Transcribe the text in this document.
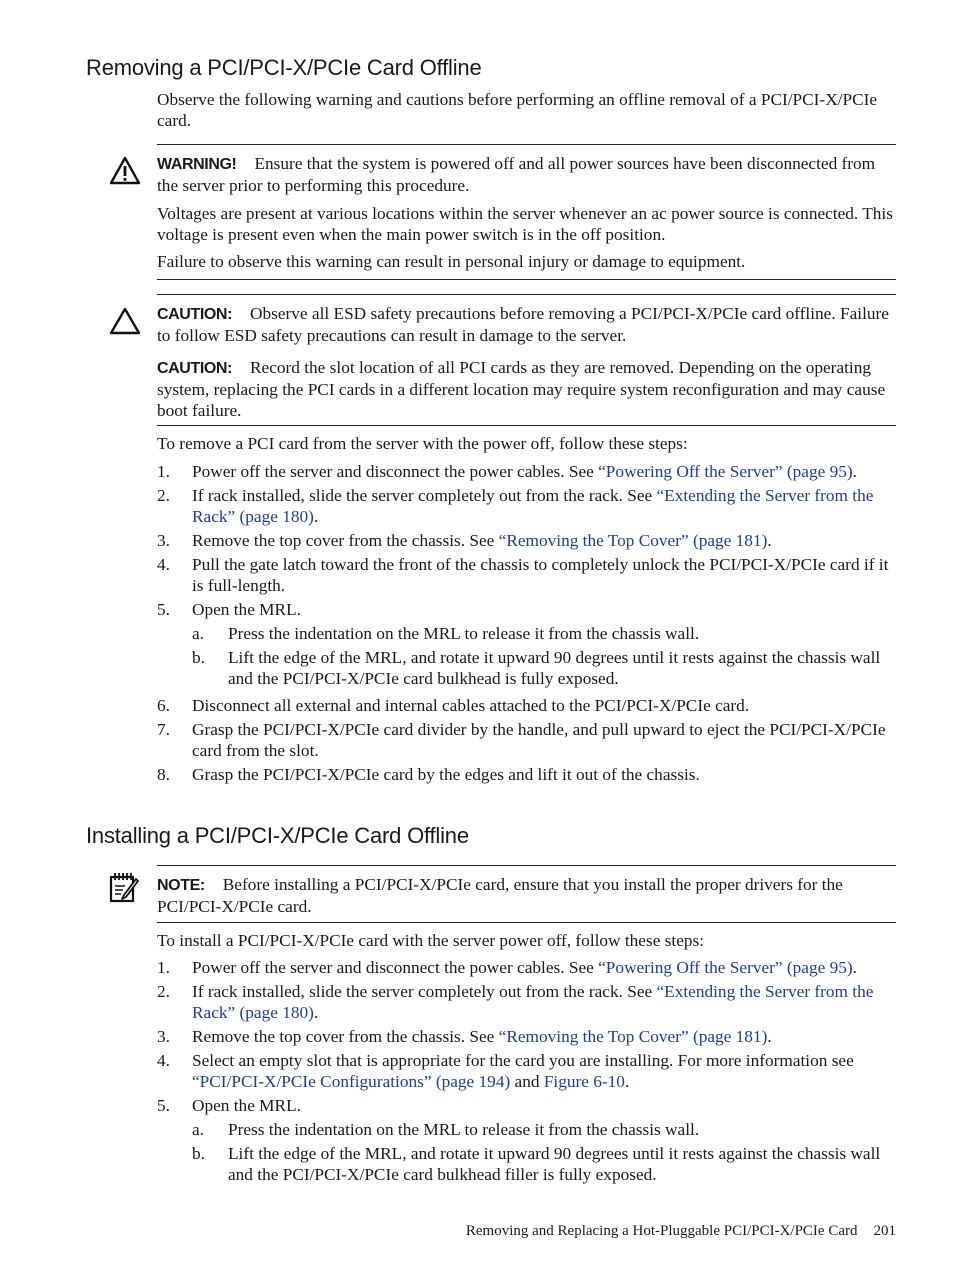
Removing a PCI/PCI-X/PCIe Card Offline

Observe the following warning and cautions before performing an offline removal of a PCI/PCI-X/PCIe card.

WARNING! Ensure that the system is powered off and all power sources have been disconnected from the server prior to performing this procedure.

Voltages are present at various locations within the server whenever an ac power source is connected. This voltage is present even when the main power switch is in the off position.

Failure to observe this warning can result in personal injury or damage to equipment.

CAUTION: Observe all ESD safety precautions before removing a PCI/PCI-X/PCIe card offline. Failure to follow ESD safety precautions can result in damage to the server.

CAUTION: Record the slot location of all PCI cards as they are removed. Depending on the operating system, replacing the PCI cards in a different location may require system reconfiguration and may cause boot failure.

To remove a PCI card from the server with the power off, follow these steps:

1. Power off the server and disconnect the power cables. See “Powering Off the Server” (page 95).
2. If rack installed, slide the server completely out from the rack. See “Extending the Server from the Rack” (page 180).
3. Remove the top cover from the chassis. See “Removing the Top Cover” (page 181).
4. Pull the gate latch toward the front of the chassis to completely unlock the PCI/PCI-X/PCIe card if it is full-length.
5. Open the MRL.
a. Press the indentation on the MRL to release it from the chassis wall.
b. Lift the edge of the MRL, and rotate it upward 90 degrees until it rests against the chassis wall and the PCI/PCI-X/PCIe card bulkhead is fully exposed.
6. Disconnect all external and internal cables attached to the PCI/PCI-X/PCIe card.
7. Grasp the PCI/PCI-X/PCIe card divider by the handle, and pull upward to eject the PCI/PCI-X/PCIe card from the slot.
8. Grasp the PCI/PCI-X/PCIe card by the edges and lift it out of the chassis.
Installing a PCI/PCI-X/PCIe Card Offline

NOTE: Before installing a PCI/PCI-X/PCIe card, ensure that you install the proper drivers for the PCI/PCI-X/PCIe card.

To install a PCI/PCI-X/PCIe card with the server power off, follow these steps:

1. Power off the server and disconnect the power cables. See “Powering Off the Server” (page 95).
2. If rack installed, slide the server completely out from the rack. See “Extending the Server from the Rack” (page 180).
3. Remove the top cover from the chassis. See “Removing the Top Cover” (page 181).
4. Select an empty slot that is appropriate for the card you are installing. For more information see “PCI/PCI-X/PCIe Configurations” (page 194) and Figure 6-10.
5. Open the MRL.
a. Press the indentation on the MRL to release it from the chassis wall.
b. Lift the edge of the MRL, and rotate it upward 90 degrees until it rests against the chassis wall and the PCI/PCI-X/PCIe card bulkhead filler is fully exposed.
Removing and Replacing a Hot-Pluggable PCI/PCI-X/PCIe Card 201
